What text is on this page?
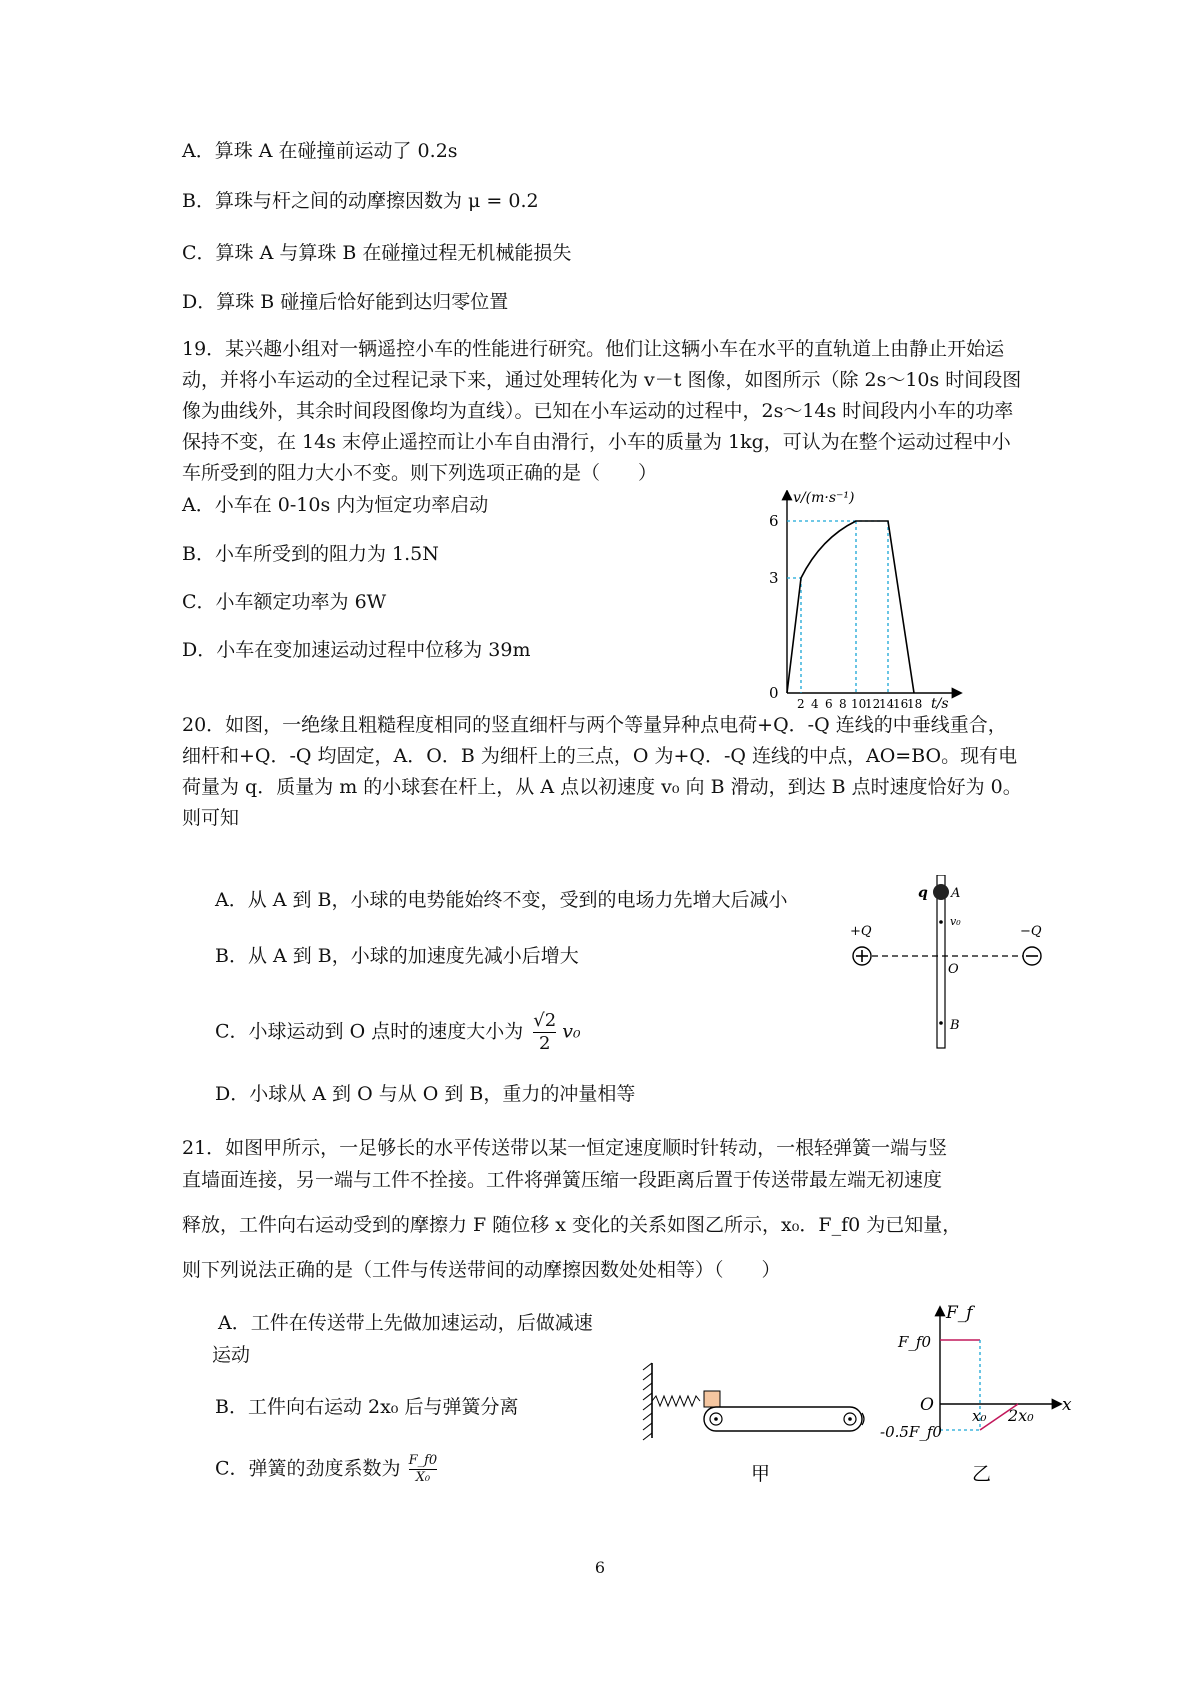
A．算珠 A 在碰撞前运动了 0.2s
B．算珠与杆之间的动摩擦因数为 μ = 0.2
C．算珠 A 与算珠 B 在碰撞过程无机械能损失
D．算珠 B 碰撞后恰好能到达归零位置
19．某兴趣小组对一辆遥控小车的性能进行研究。他们让这辆小车在水平的直轨道上由静止开始运动，并将小车运动的全过程记录下来，通过处理转化为 v－t 图像，如图所示（除 2s～10s 时间段图像为曲线外，其余时间段图像均为直线）。已知在小车运动的过程中，2s～14s 时间段内小车的功率保持不变，在 14s 末停止遥控而让小车自由滑行，小车的质量为 1kg，可认为在整个运动过程中小车所受到的阻力大小不变。则下列选项正确的是（　　）
A．小车在 0-10s 内为恒定功率启动
B．小车所受到的阻力为 1.5N
C．小车额定功率为 6W
D．小车在变加速运动过程中位移为 39m
v/(m·s⁻¹)
6
3
0
2 4 6 8 10
12
14
16
18 t/s
20．如图，一绝缘且粗糙程度相同的竖直细杆与两个等量异种点电荷+Q．-Q 连线的中垂线重合，细杆和+Q．-Q 均固定，A．O．B 为细杆上的三点，O 为+Q．-Q 连线的中点，AO=BO。现有电荷量为 q．质量为 m 的小球套在杆上，从 A 点以初速度 v₀ 向 B 滑动，到达 B 点时速度恰好为 0。则可知
A．从 A 到 B，小球的电势能始终不变，受到的电场力先增大后减小
B．从 A 到 B，小球的加速度先减小后增大
C．小球运动到 O 点时的速度大小为 $\frac{√2}{2} v_0$
D．小球从 A 到 O 与从 O 到 B，重力的冲量相等
q A
v₀
+Q	−Q
O
B
21．如图甲所示，一足够长的水平传送带以某一恒定速度顺时针转动，一根轻弹簧一端与竖
直墙面连接，另一端与工件不拴接。工件将弹簧压缩一段距离后置于传送带最左端无初速度
释放，工件向右运动受到的摩擦力 F 随位移 x 变化的关系如图乙所示，x₀．F_f0 为已知量，
则下列说法正确的是（工件与传送带间的动摩擦因数处处相等）（　　）
A．工件在传送带上先做加速运动，后做减速
运动
B．工件向右运动 2x₀ 后与弹簧分离
C．弹簧的劲度系数为 $\frac{F\_f0}{\text{X₀}}$	甲
F_f
F_f0
O
-0.5F_f0
x₀ 2x₀
x
乙
6
